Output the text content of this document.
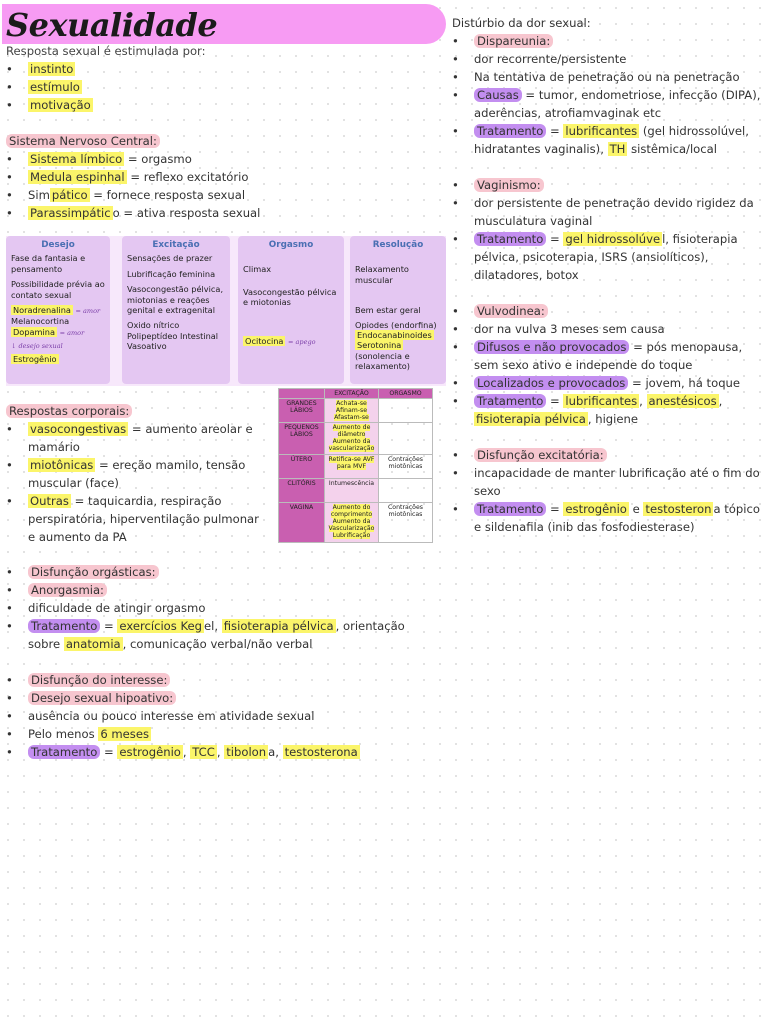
Sexualidade
Resposta sexual é estimulada por:
• instinto
• estímulo
• motivação
Sistema Nervoso Central:
• Sistema límbico = orgasmo
• Medula espinhal = reflexo excitatório
• Sim pático = fornece resposta sexual
• Parassimpátic o = ativa resposta sexual
Desejo

Fase da fantasia e pensamento

Possibilidade prévia ao contato sexual

Noradrenalina = amor

Melanocortina

Dopamina = amor

↓ desejo sexual

Estrogênio

Excitação

Sensações de prazer

Lubrificação feminina

Vasocongestão pélvica, miotonias e reações genital e extragenital

Oxido nítrico Polipeptídeo Intestinal Vasoativo

Orgasmo

Climax

Vasocongestão pélvica e miotonias

Ocitocina = apego

Resolução

Relaxamento muscular

Bem estar geral

Opiodes (endorfina)

Endocanabinoides

Serotonina (sonolencia e relaxamento)

Respostas corporais:
• vasocongestivas = aumento areolar e mamário
• miotônicas = ereção mamilo, tensão muscular (face)
• Outras = taquicardia, respiração perspiratória, hiperventilação pulmonar e aumento da PA
	EXCITAÇÃO	ORGASMO
GRANDES LÁBIOS	Achata-se Afinam-se Afastam-se	
PEQUENOS LÁBIOS	Aumento de diâmetro Aumento da vascularização	
ÚTERO	Retifica-se AVF para MVF	Contrações miotônicas
CLITÓRIS	Intumescência	
VAGINA	Aumento do comprimento Aumento da Vascularização Lubrificação	Contrações miotônicas
• Disfunção orgásticas:
• Anorgasmia:
• dificuldade de atingir orgasmo
• Tratamento = exercícios Keg el, fisioterapia pélvica , orientação sobre anatomia , comunicação verbal/não verbal
• Disfunção do interesse:
• Desejo sexual hipoativo:
• ausência ou pouco interesse em atividade sexual
• Pelo menos 6 meses
• Tratamento = estrogênio , TCC , tibolon a, testosterona
Distúrbio da dor sexual:
• Dispareunia:
• dor recorrente/persistente
• Na tentativa de penetração ou na penetração
• Causas = tumor, endometriose, infecção (DIPA), aderências, atrofiamvaginak etc
• Tratamento = lubrificantes (gel hidrossolúvel, hidratantes vaginalis), TH sistêmica/local
• Vaginismo:
• dor persistente de penetração devido rigidez da musculatura vaginal
• Tratamento = gel hidrossolúve l, fisioterapia pélvica, psicoterapia, ISRS (ansiolíticos), dilatadores, botox
• Vulvodinea:
• dor na vulva 3 meses sem causa
• Difusos e não provocados = pós menopausa, sem sexo ativo e independe do toque
• Localizados e provocados = jovem, há toque
• Tratamento = lubrificantes , anestésicos , fisioterapia pélvica , higiene
• Disfunção excitatória:
• incapacidade de manter lubrificação até o fim do sexo
• Tratamento = estrogênio e testosteron a tópico e sildenafila (inib das fosfodiesterase)
